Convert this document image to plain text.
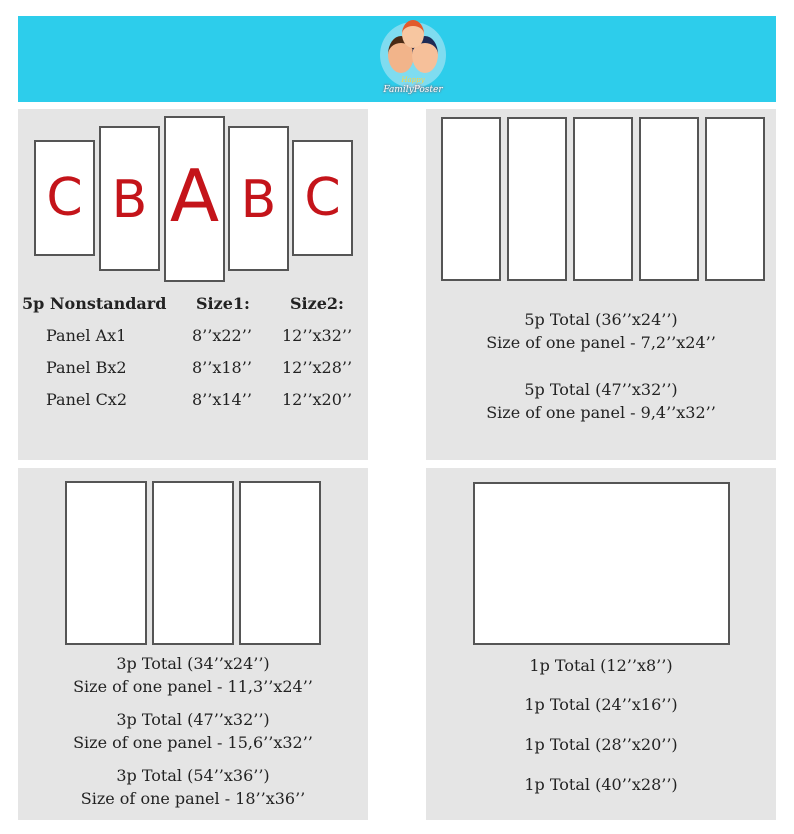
Happy
FamilyPoster
C B A B C
5p Nonstandard Size1:	Size2:
Panel Ax1	8’’x22’’ 12’’x32’’
Panel Bx2	8’’x18’’ 12’’x28’’
Panel Cx2	8’’x14’’ 12’’x20’’
5p Total (36’’x24’’)
Size of one panel - 7,2’’x24’’
5p Total (47’’x32’’)
Size of one panel - 9,4’’x32’’
3p Total (34’’x24’’)
Size of one panel - 11,3’’x24’’
3p Total (47’’x32’’)
Size of one panel - 15,6’’x32’’
3p Total (54’’x36’’)
Size of one panel - 18’’x36’’
1p Total (12’’x8’’)
1p Total (24’’x16’’)
1p Total (28’’x20’’)
1p Total (40’’x28’’)
